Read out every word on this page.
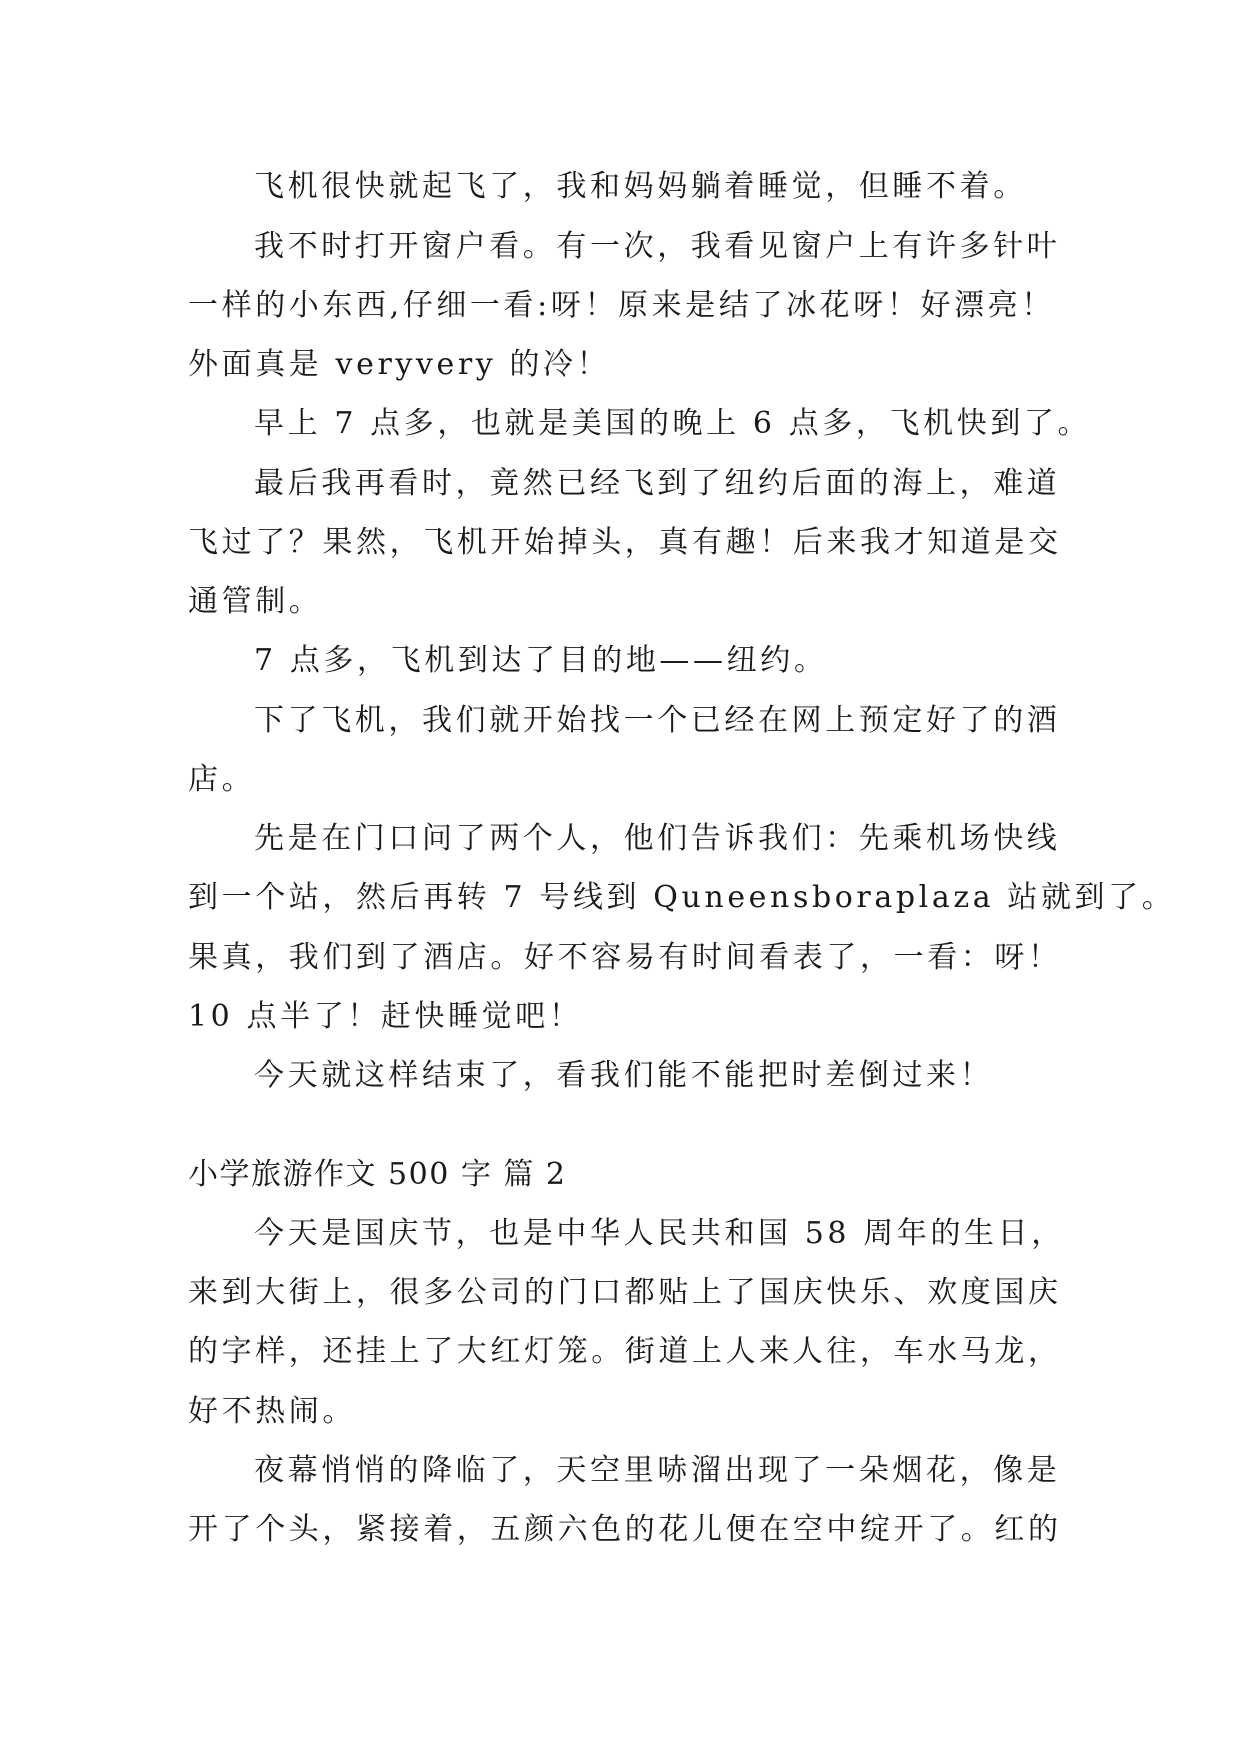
飞机很快就起飞了，我和妈妈躺着睡觉，但睡不着。
我不时打开窗户看。有一次，我看见窗户上有许多针叶
一样的小东西,仔细一看:呀！原来是结了冰花呀！好漂亮！
外面真是 veryvery 的冷！
早上 7 点多，也就是美国的晚上 6 点多，飞机快到了。
最后我再看时，竟然已经飞到了纽约后面的海上，难道
飞过了？果然，飞机开始掉头，真有趣！后来我才知道是交
通管制。
7 点多，飞机到达了目的地——纽约。
下了飞机，我们就开始找一个已经在网上预定好了的酒
店。
先是在门口问了两个人，他们告诉我们：先乘机场快线
到一个站，然后再转 7 号线到 Quneensboraplaza 站就到了。
果真，我们到了酒店。好不容易有时间看表了，一看：呀！
10 点半了！赶快睡觉吧！
今天就这样结束了，看我们能不能把时差倒过来！
小学旅游作文 500 字 篇 2
今天是国庆节，也是中华人民共和国 58 周年的生日，
来到大街上，很多公司的门口都贴上了国庆快乐、欢度国庆
的字样，还挂上了大红灯笼。街道上人来人往，车水马龙，
好不热闹。
夜幕悄悄的降临了，天空里哧溜出现了一朵烟花，像是
开了个头，紧接着，五颜六色的花儿便在空中绽开了。红的
